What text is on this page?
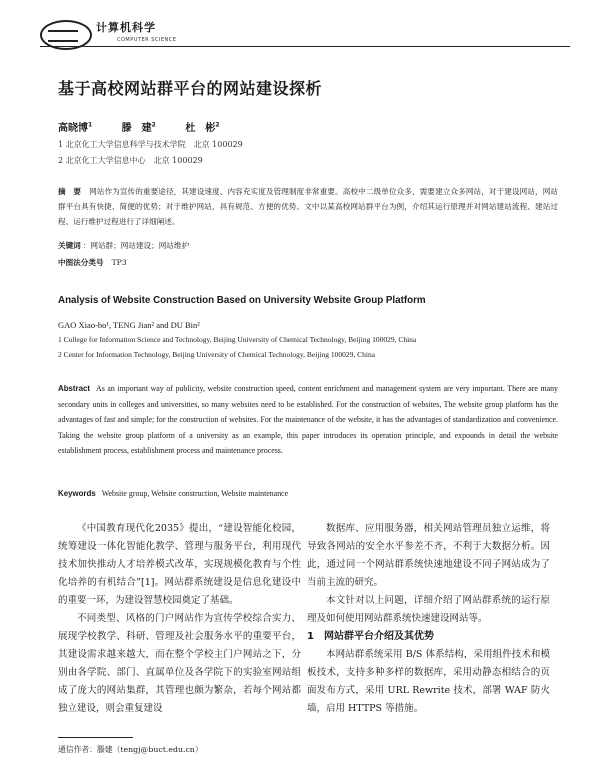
计算机科学
COMPUTER SCIENCE
基于高校网站群平台的网站建设探析
高晓博$^1$	滕　建$^2$	杜　彬$^2$
1 北京化工大学信息科学与技术学院　北京 100029
2 北京化工大学信息中心　北京 100029
摘　要 网站作为宣传的重要途径，其建设速度、内容充实度及管理制度非常重要。高校中二级单位众多，需要建立众多网站，对于建设网站，网站群平台具有快捷、简便的优势；对于维护网站，具有规范、方便的优势。文中以某高校网站群平台为例，介绍其运行原理并对网站建站流程、建站过程、运行维护过程进行了详细阐述。
关键词 ：网站群；网站建设；网站维护
中图法分类号 TP3
Analysis of Website Construction Based on University Website Group Platform
GAO Xiao-bo¹, TENG Jian² and DU Bin²
1 College for Information Science and Technology, Beijing University of Chemical Technology, Beijing 100029, China
2 Center for Information Technology, Beijing University of Chemical Technology, Beijing 100029, China
Abstract As an important way of publicity, website construction speed, content enrichment and management system are very important. There are many secondary units in colleges and universities, so many websites need to be established. For the construction of websites, The website group platform has the advantages of fast and simple; for the construction of websites. For the maintenance of the website, it has the advantages of standardization and convenience. Taking the website group platform of a university as an example, this paper introduces its operation principle, and expounds in detail the website establishment process, establishment process and maintenance process.
Keywords Website group, Website construction, Website maintenance

《中国教育现代化2035》提出，“建设智能化校园，统筹建设一体化智能化教学、管理与服务平台，利用现代技术加快推动人才培养模式改革，实现规模化教育与个性化培养的有机结合”[1]。网站群系统建设是信息化建设中的重要一环，为建设智慧校园奠定了基础。

不同类型、风格的门户网站作为宣传学校综合实力、展现学校教学、科研、管理及社会服务水平的重要平台，其建设需求越来越大，而在整个学校主门户网站之下，分别由各学院、部门、直属单位及各学院下的实验室网站组成了庞大的网站集群，其管理也颇为繁杂，若每个网站都独立建设，则会重复建设

数据库、应用服务器，相关网站管理员独立运维，将导致各网站的安全水平参差不齐，不利于大数据分析。因此，通过同一个网站群系统快速地建设不同子网站成为了当前主流的研究。

本文针对以上问题，详细介绍了网站群系统的运行原理及如何使用网站群系统快速建设网站等。

1　 网站群平台介绍及其优势

本网站群系统采用 B/S 体系结构，采用组件技术和模板技术，支持多种多样的数据库，采用动静态相结合的页面发布方式，采用 URL Rewrite 技术，部署 WAF 防火墙，启用 HTTPS 等措施。

通信作者：滕建（tengj@buct.edu.cn）
